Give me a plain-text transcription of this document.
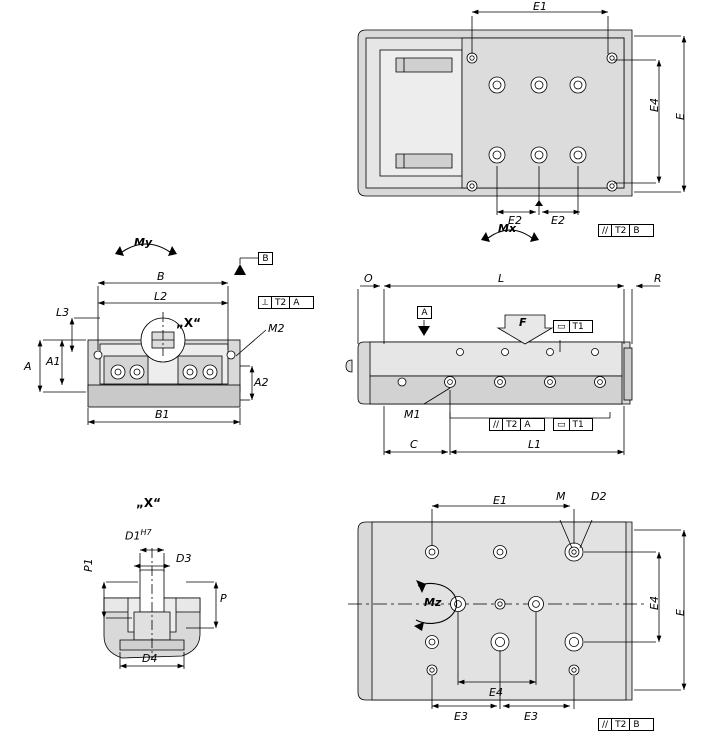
E1
E4
E
E2	E2
Mx
My
B
L2
L3
„X“	M2
A A1
A2
B1
O	L	R
F
M1
C	L1
„X“
$D1^{H7}$
D3
P1
P
D4
E1	M D2
Mz	E4
E
E4
E3	E3
B
⟂ T2 A
// T2 B
A
▭ T1
// T2 A	▭ T1
// T2 B
